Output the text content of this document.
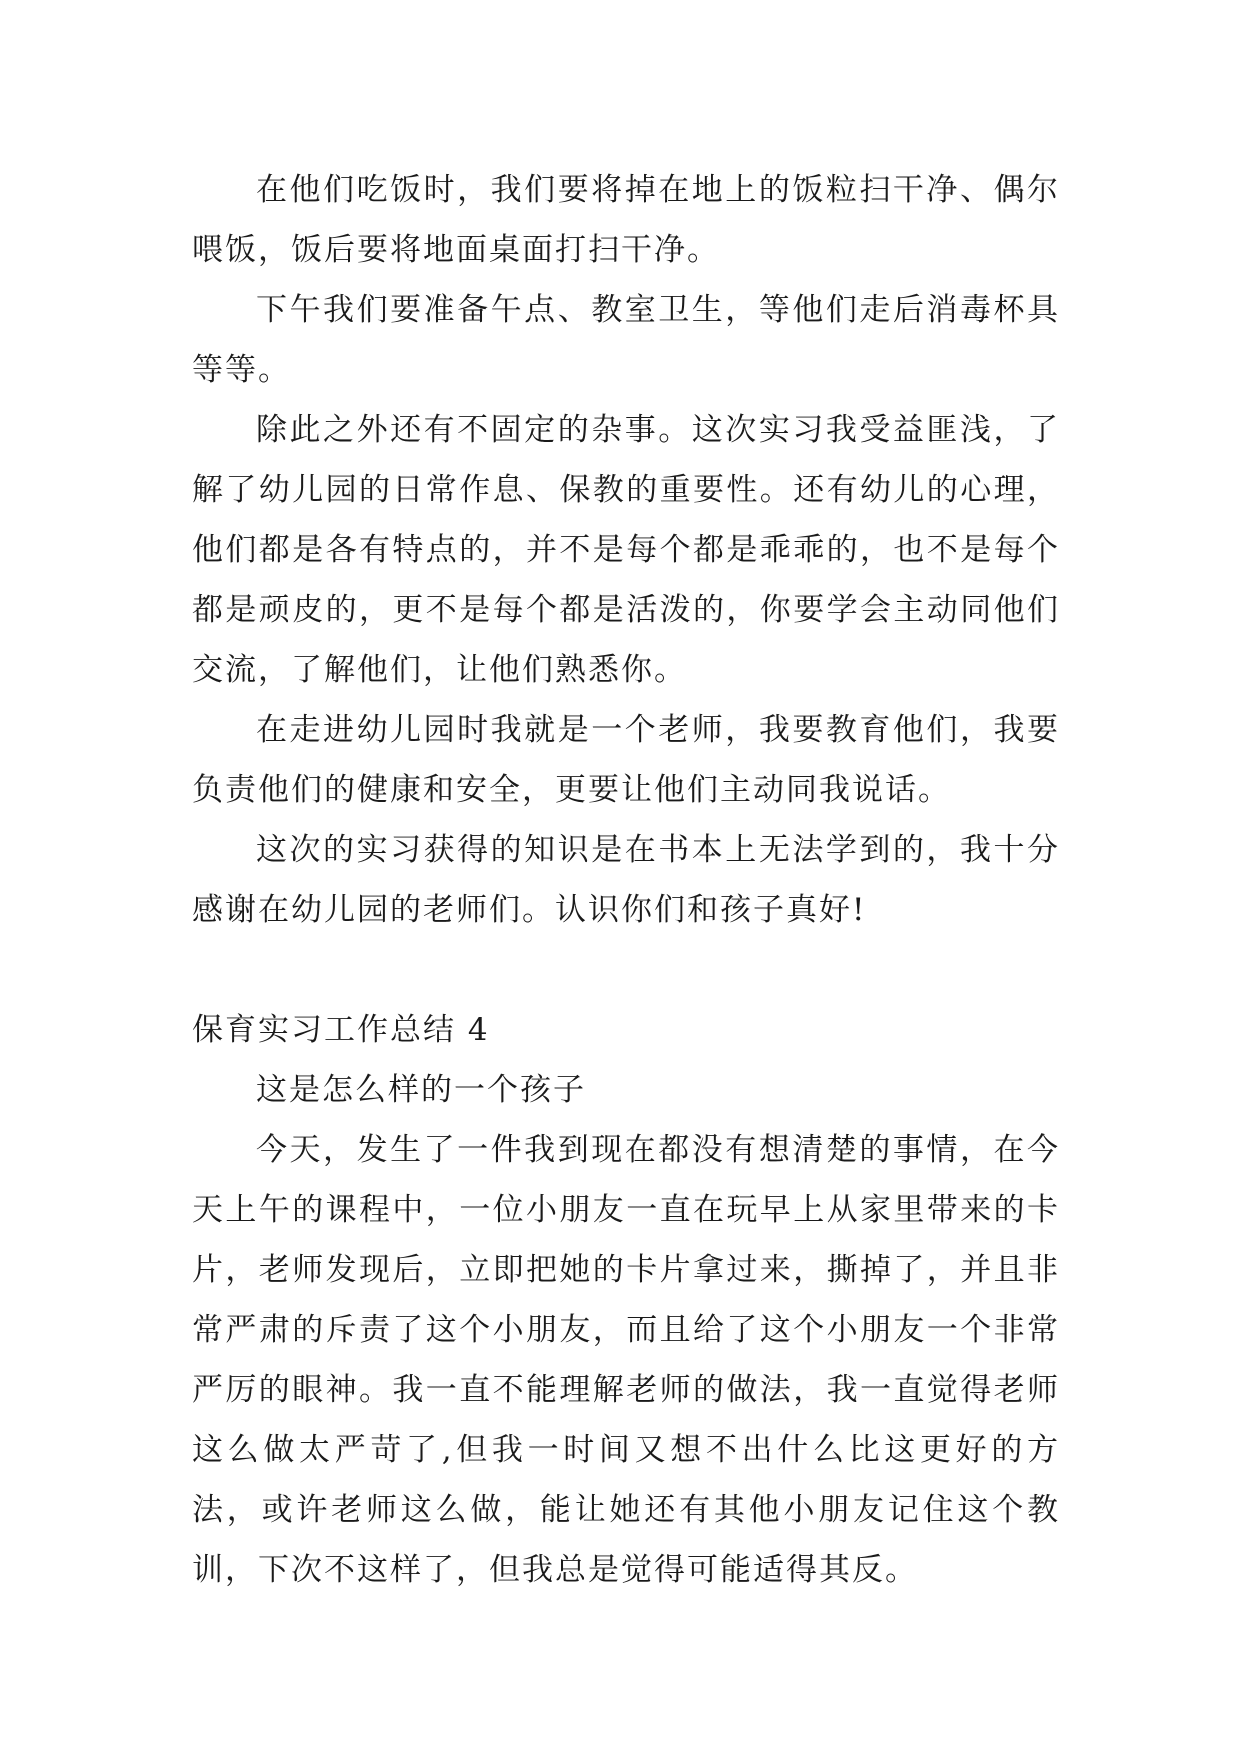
在他们吃饭时，我们要将掉在地上的饭粒扫干净、偶尔喂饭，饭后要将地面桌面打扫干净。

下午我们要准备午点、教室卫生，等他们走后消毒杯具等等。

除此之外还有不固定的杂事。这次实习我受益匪浅，了解了幼儿园的日常作息、保教的重要性。还有幼儿的心理，他们都是各有特点的，并不是每个都是乖乖的，也不是每个都是顽皮的，更不是每个都是活泼的，你要学会主动同他们交流，了解他们，让他们熟悉你。

在走进幼儿园时我就是一个老师，我要教育他们，我要负责他们的健康和安全，更要让他们主动同我说话。

这次的实习获得的知识是在书本上无法学到的，我十分感谢在幼儿园的老师们。认识你们和孩子真好!

保育实习工作总结 4

这是怎么样的一个孩子

今天，发生了一件我到现在都没有想清楚的事情，在今天上午的课程中，一位小朋友一直在玩早上从家里带来的卡片，老师发现后，立即把她的卡片拿过来，撕掉了，并且非常严肃的斥责了这个小朋友，而且给了这个小朋友一个非常严厉的眼神。我一直不能理解老师的做法，我一直觉得老师这么做太严苛了,但我一时间又想不出什么比这更好的方法，或许老师这么做，能让她还有其他小朋友记住这个教训，下次不这样了，但我总是觉得可能适得其反。
